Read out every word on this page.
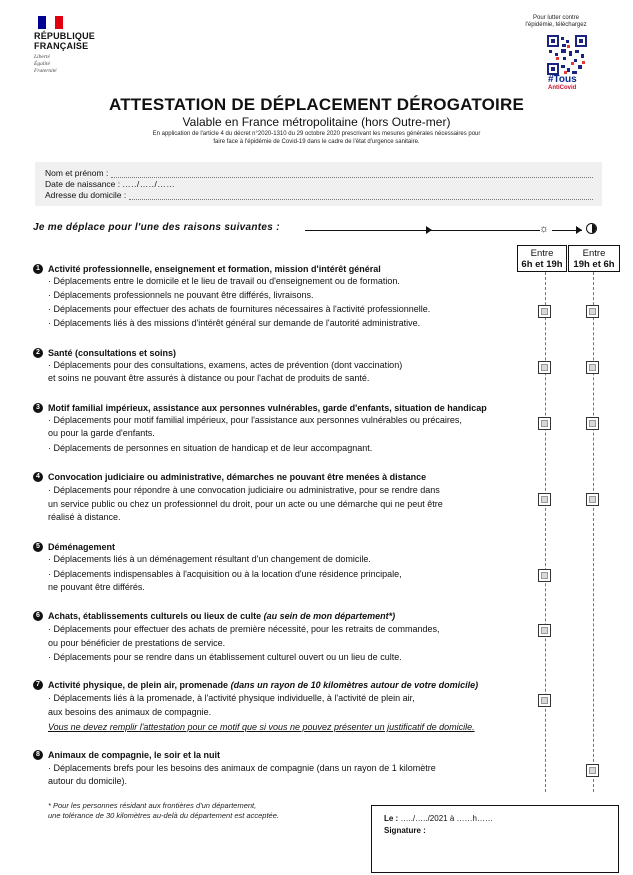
RÉPUBLIQUE
FRANÇAISE
Liberté
Égalité
Fraternité
Pour lutter contre l'épidémie, téléchargez
#Tous
AntiCovid
ATTESTATION DE DÉPLACEMENT DÉROGATOIRE
Valable en France métropolitaine (hors Outre-mer)
En application de l'article 4 du décret n°2020-1310 du 29 octobre 2020 prescrivant les mesures générales nécessaires pour faire face à l'épidémie de Covid-19 dans le cadre de l'état d'urgence sanitaire.
Nom et prénom :
Date de naissance : …../…../……
Adresse du domicile :
Je me déplace pour l'une des raisons suivantes :	☼
Entre
6h et 19h
Entre
19h et 6h
1 Activité professionnelle, enseignement et formation, mission d'intérêt général
· Déplacements entre le domicile et le lieu de travail ou d'enseignement ou de formation.
· Déplacements professionnels ne pouvant être différés, livraisons.
· Déplacements pour effectuer des achats de fournitures nécessaires à l'activité professionnelle.
· Déplacements liés à des missions d'intérêt général sur demande de l'autorité administrative.
2 Santé (consultations et soins)
· Déplacements pour des consultations, examens, actes de prévention (dont vaccination)
et soins ne pouvant être assurés à distance ou pour l'achat de produits de santé.
3 Motif familial impérieux, assistance aux personnes vulnérables, garde d'enfants, situation de handicap
· Déplacements pour motif familial impérieux, pour l'assistance aux personnes vulnérables ou précaires,
ou pour la garde d'enfants.
· Déplacements de personnes en situation de handicap et de leur accompagnant.
4 Convocation judiciaire ou administrative, démarches ne pouvant être menées à distance
· Déplacements pour répondre à une convocation judiciaire ou administrative, pour se rendre dans
un service public ou chez un professionnel du droit, pour un acte ou une démarche qui ne peut être
réalisé à distance.
5 Déménagement
· Déplacements liés à un déménagement résultant d'un changement de domicile.
· Déplacements indispensables à l'acquisition ou à la location d'une résidence principale,
ne pouvant être différés.
6 Achats, établissements culturels ou lieux de culte (au sein de mon département*)
· Déplacements pour effectuer des achats de première nécessité, pour les retraits de commandes,
ou pour bénéficier de prestations de service.
· Déplacements pour se rendre dans un établissement culturel ouvert ou un lieu de culte.
7 Activité physique, de plein air, promenade (dans un rayon de 10 kilomètres autour de votre domicile)
· Déplacements liés à la promenade, à l'activité physique individuelle, à l'activité de plein air,
aux besoins des animaux de compagnie.
Vous ne devez remplir l'attestation pour ce motif que si vous ne pouvez présenter un justificatif de domicile.
8 Animaux de compagnie, le soir et la nuit
· Déplacements brefs pour les besoins des animaux de compagnie (dans un rayon de 1 kilomètre
autour du domicile).
* Pour les personnes résidant aux frontières d'un département,
une tolérance de 30 kilomètres au-delà du département est acceptée.	Le : …../…../2021 à ……h……
Signature :
